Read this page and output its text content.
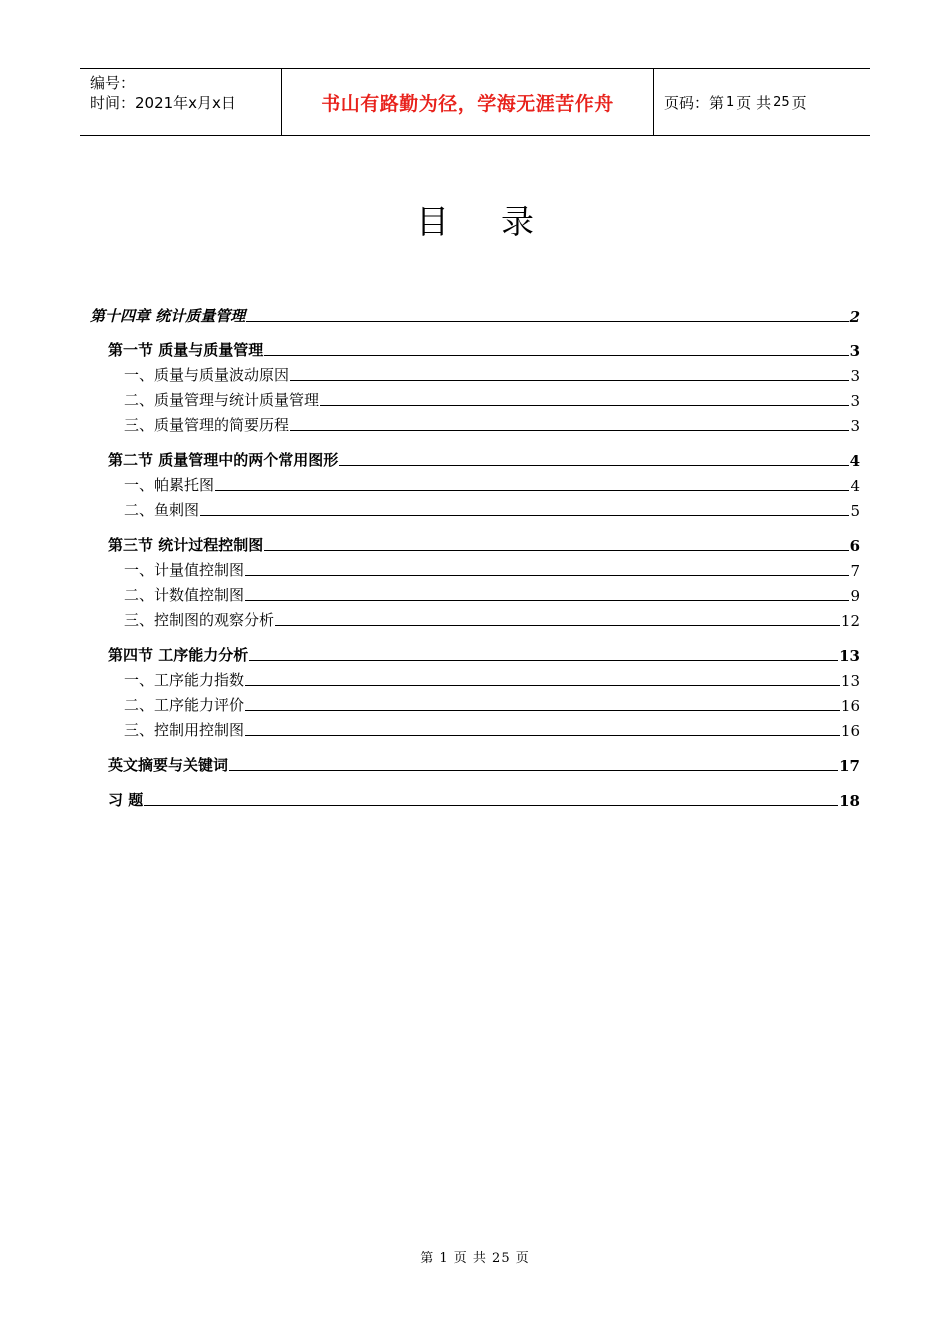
编号：
时间：2021年x月x日	书山有路勤为径，学海无涯苦作舟	页码：第 1 页 共 25 页
目录
第十四章 统计质量管理	2
第一节 质量与质量管理	3
一、质量与质量波动原因	3
二、质量管理与统计质量管理	3
三、质量管理的简要历程	3
第二节 质量管理中的两个常用图形	4
一、帕累托图	4
二、鱼刺图	5
第三节 统计过程控制图	6
一、计量值控制图	7
二、计数值控制图	9
三、控制图的观察分析	12
第四节 工序能力分析	13
一、工序能力指数	13
二、工序能力评价	16
三、控制用控制图	16
英文摘要与关键词	17
习 题	18
第 1 页 共 25 页
